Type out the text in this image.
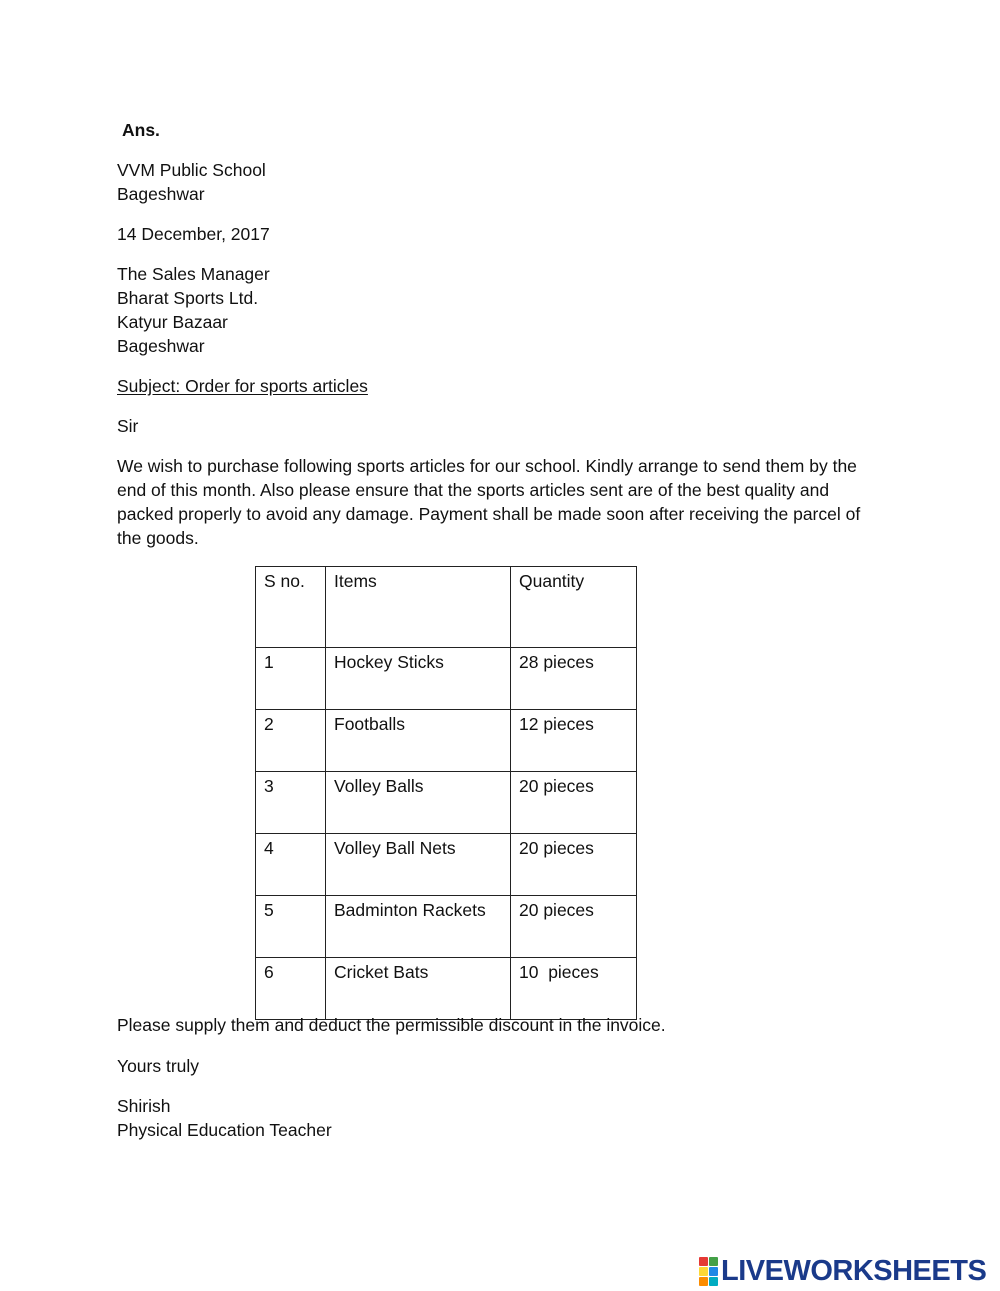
Ans.
VVM Public School
Bageshwar
14 December, 2017
The Sales Manager
Bharat Sports Ltd.
Katyur Bazaar
Bageshwar
Subject: Order for sports articles
Sir
We wish to purchase following sports articles for our school. Kindly arrange to send them by the end of this month. Also please ensure that the sports articles sent are of the best quality and packed properly to avoid any damage. Payment shall be made soon after receiving the parcel of the goods.
S no.	Items	Quantity
1	Hockey Sticks	28 pieces
2	Footballs	12 pieces
3	Volley Balls	20 pieces
4	Volley Ball Nets	20 pieces
5	Badminton Rackets	20 pieces
6	Cricket Bats	10  pieces
Please supply them and deduct the permissible discount in the invoice.
Yours truly
Shirish
Physical Education Teacher
LIVEWORKSHEETS
